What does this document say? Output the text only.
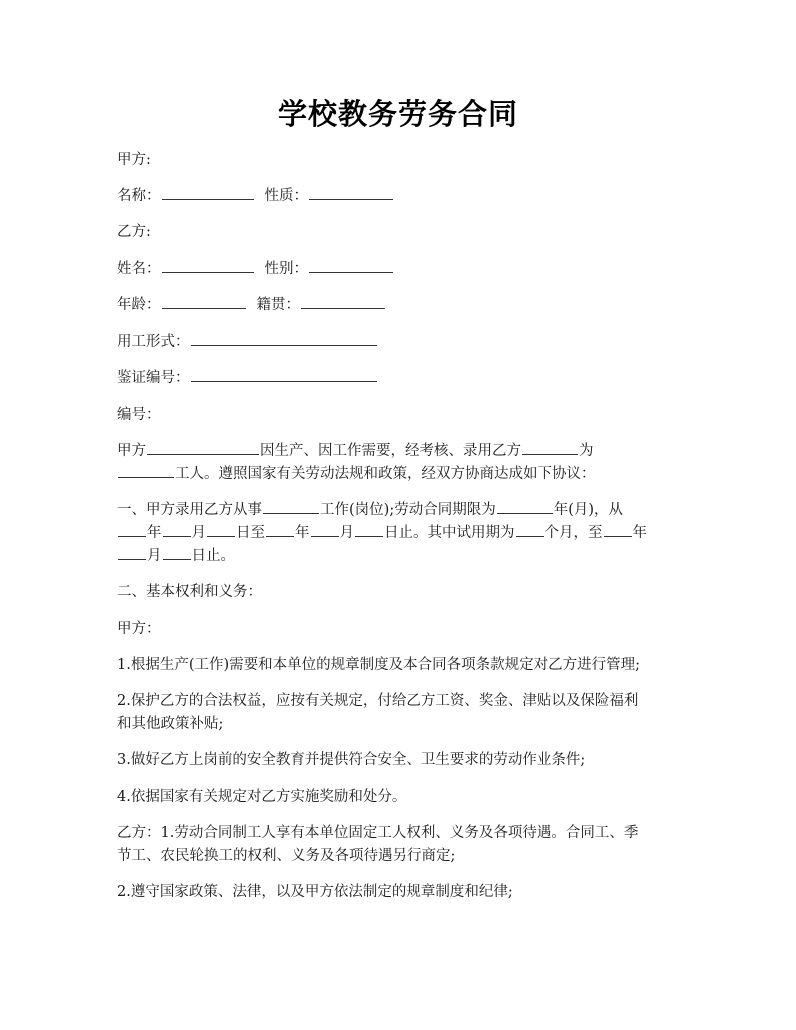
学校教务劳务合同
甲方:
名称：	性质：
乙方:
姓名：	性别：
年龄：	籍贯：
用工形式：
鉴证编号：
编号：
甲方	因生产、因工作需要，经考核、录用乙方	为
工人。遵照国家有关劳动法规和政策，经双方协商达成如下协议：
一、甲方录用乙方从事	工作(岗位);劳动合同期限为	年(月)，从
年 月 日至 年 月 日止。其中试用期为 个月，至 年
月 日止。
二、基本权利和义务：
甲方：
1.根据生产(工作)需要和本单位的规章制度及本合同各项条款规定对乙方进行管理;
2.保护乙方的合法权益，应按有关规定，付给乙方工资、奖金、津贴以及保险福利
和其他政策补贴;
3.做好乙方上岗前的安全教育并提供符合安全、卫生要求的劳动作业条件;
4.依据国家有关规定对乙方实施奖励和处分。
乙方：1.劳动合同制工人享有本单位固定工人权利、义务及各项待遇。合同工、季
节工、农民轮换工的权利、义务及各项待遇另行商定;
2.遵守国家政策、法律，以及甲方依法制定的规章制度和纪律;
